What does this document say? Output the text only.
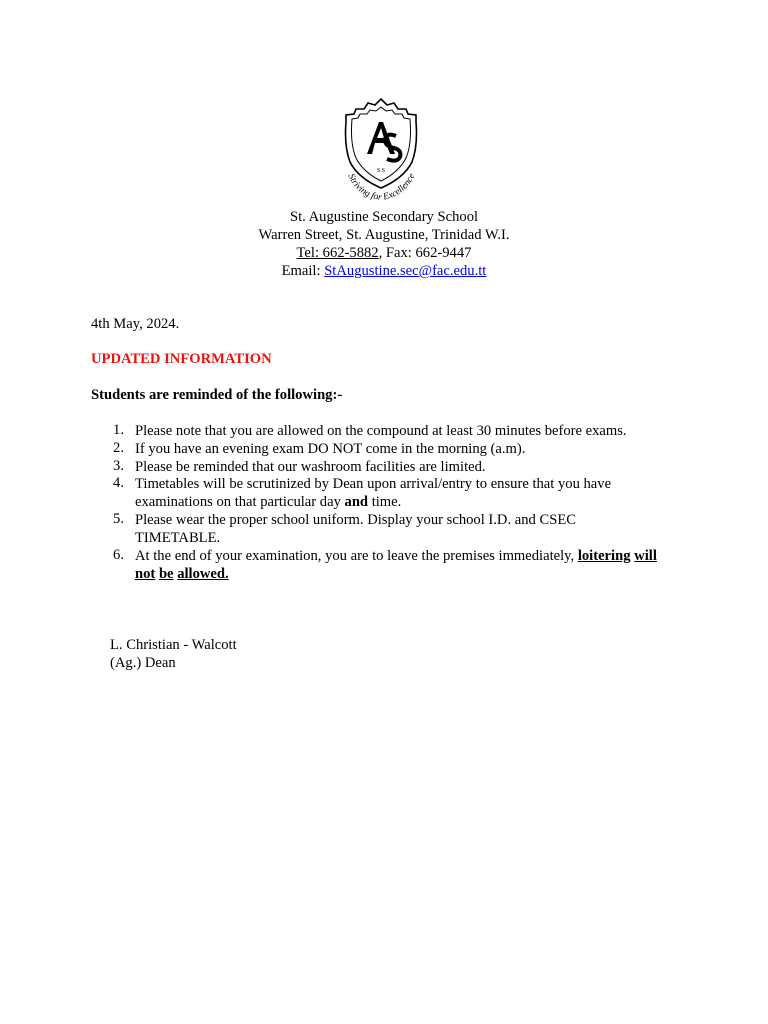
S S
Striving for Excellence
St. Augustine Secondary School
Warren Street, St. Augustine, Trinidad W.I.
Tel: 662-5882, Fax: 662-9447
Email: StAugustine.sec@fac.edu.tt
4th May, 2024.
UPDATED INFORMATION
Students are reminded of the following:-
1. Please note that you are allowed on the compound at least 30 minutes before exams.
2. If you have an evening exam DO NOT come in the morning (a.m).
3. Please be reminded that our washroom facilities are limited.
4. Timetables will be scrutinized by Dean upon arrival/entry to ensure that you have examinations on that particular day and time.
5. Please wear the proper school uniform. Display your school I.D. and CSEC TIMETABLE.
6. At the end of your examination, you are to leave the premises immediately, loitering will not be allowed.
L. Christian - Walcott
(Ag.) Dean
